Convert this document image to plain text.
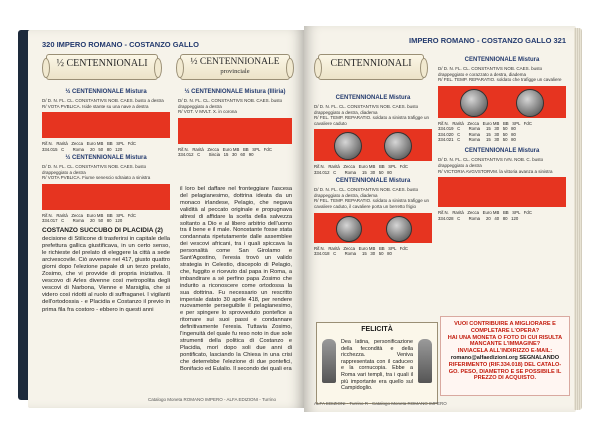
320 IMPERO ROMANO - COSTANZO GALLO
½ CENTENNIONALI	½ CENTENNIONALE
provinciale
½ CENTENNIONALE Mistura
D/ D. N. FL. CL. CONSTANTIVS NOB. CAES. busto a destra
R/ VOTA PVBLICA. Iside stante su una nave a destra
Rif.N.   Rarità   Zecca   Euro MB   BB   SPL   FdC
334.015   C       Roma     20   50   80   120
½ CENTENNIONALE Mistura
D/ D. N. FL. CL. CONSTANTIVS NOB. CAES. busto drappeggiato a destra
R/ VOTA PVBLICA. Fiume senescio sdraiato a sinistra
Rif.N.   Rarità   Zecca   Euro MB   BB   SPL   FdC
334.017   C       Roma     20   50   80   120
COSTANZO SUCCUBO DI PLACIDIA (2)
decisione di Stilicone di trasferirsi in capitale della prefettura gallica giustificava, in un certo senso, le richieste del prelato di eleggere la città a sede arcivescovile. Ciò avvenne nel 417, giusto quattro giorni dopo l'elezione papale di un terzo prelato, Zosimo, che vi provvide di propria iniziativa. Il vescovo di Arles divenne così metropolita degli vescovi di Narbona, Vienne e Marsiglia, che si videro così ridotti al ruolo di suffraganei. I vigilanti dell'ortodossia - e Placidia e Costanzo il previo in prima fila fra costoro - ebbero in questi anni
½ CENTENNIONALE Mistura (Illiria)
D/ D. N. FL. CL. CONSTANTIVS NOB. CAES. busto drappeggiato a destra
R/ VOT. V MVLT. X. in corona
Rif.N.   Rarità   Zecca   Euro MB   BB   SPL   FdC
334.012   C       Siscia   15   30   60   90
il loro bel daffare nel fronteggiare l'ascesa del pelagianesimo, dottrina ideata da un monaco irlandese, Pelagio, che negava validità al peccato originale e propugnava altresì di affidare la scelta della salvezza soltanto a Dio e al libero arbitrio dell'uomo tra il bene e il male. Nonostante fosse stata condannata ripetutamente dalle assemblee dei vescovi africani, tra i quali spiccava la personalità come San Girolamo e Sant'Agostino, l'eresia trovò un valido strategia in Celestio, discepolo di Pelagio, che, fuggito e ricevuto dal papa in Roma, a imbandirare a sé perfino papa Zosimo che indurito a riconoscere come ortodossa la sua dottrina. Fu necessario un rescritto imperiale datato 30 aprile 418, per rendere nuovamente perseguibile il pelagianesimo, e per spingere lo sprovveduto pontefice a ritornare sui suoi passi e condannare definitivamente l'eresia. Tuttavia Zosimo, l'ingenuità del quale fu reso noto in due sole strumenti della politica di Costanzo e Placidia, morì dopo soli due anni di pontificato, lasciando la Chiesa in una crisi che deterrebbe l'elezione di due pontefici, Bonifacio ed Eulalio. Il secondo dei quali era
Catalogo Moneta ROMANO IMPERO - ALFA EDIZIONI - Turrino
IMPERO ROMANO - COSTANZO GALLO 321
CENTENNIONALI
CENTENNIONALE Mistura
D/ D. N. FL. CL. CONSTANTIVS NOB. CAES. busto drappeggiato a destra, diadema
R/ FEL. TEMP. REPARATIO. soldato a sinistra trafigge un cavaliere caduto
Rif.N.   Rarità   Zecca   Euro MB   BB   SPL   FdC
334.012   C       Roma     15   30   50   80
CENTENNIONALE Mistura
D/ D. N. FL. CL. CONSTANTIVS NOB. CAES. busto drappeggiato a destra, diadema
R/ FEL. TEMP. REPARATIO. soldato a sinistra trafigge un cavaliere caduto, il cavaliere porta un berretto frigio
Rif.N.   Rarità   Zecca   Euro MB   BB   SPL   FdC
334.018   C       Roma     15   30   50   80
CENTENNIONALE Mistura
D/ D. N. FL. CL. CONSTANTIVS NOB. CAES. busto drappeggiato e corazzato a destra, diadema
R/ FEL. TEMP. REPARATIO. soldato che trafigge un cavaliere
Rif.N.   Rarità   Zecca   Euro MB   BB   SPL   FdC
334.019   C       Roma     15   30   50   80
334.020   C       Roma     15   30   50   80
334.021   C       Roma     15   30   50   80
CENTENNIONALE Mistura
D/ D. N. FL. CL. CONSTANTIVS IVN. NOB. C. busto drappeggiato a destra
R/ VICTORIA AVGVSTORVM. la vittoria avanza a sinistra
Rif.N.   Rarità   Zecca   Euro MB   BB   SPL   FdC
334.028   C       Roma     20   40   80   120
FELICITÀ
Dea latina, personificazione della fecondità e della ricchezza. Veniva rappresentata con il caduceo e la cornucopia. Ebbe a Roma vari templi, tra i quali il più importante era quello sul Campidoglio.
VUOI CONTRIBUIRE A MIGLIORARE E
COMPLETARE L'OPERA?
HAI UNA MONETA O FOTO DI CUI RISULTA
MANCANTE L'IMMAGINE?
INVIACELA ALL'INDIRIZZO E-MAIL:
romano@alfaedizioni.org SEGNALANDO
RIFERIMENTO (RIF.334.018) DEL CATALO-
GO. PESO, DIAMETRO E SE POSSIBILE IL
PREZZO DI ACQUISTO.
ALFA EDIZIONI - Turrino R - Catalogo Moneta ROMANO IMPERO
